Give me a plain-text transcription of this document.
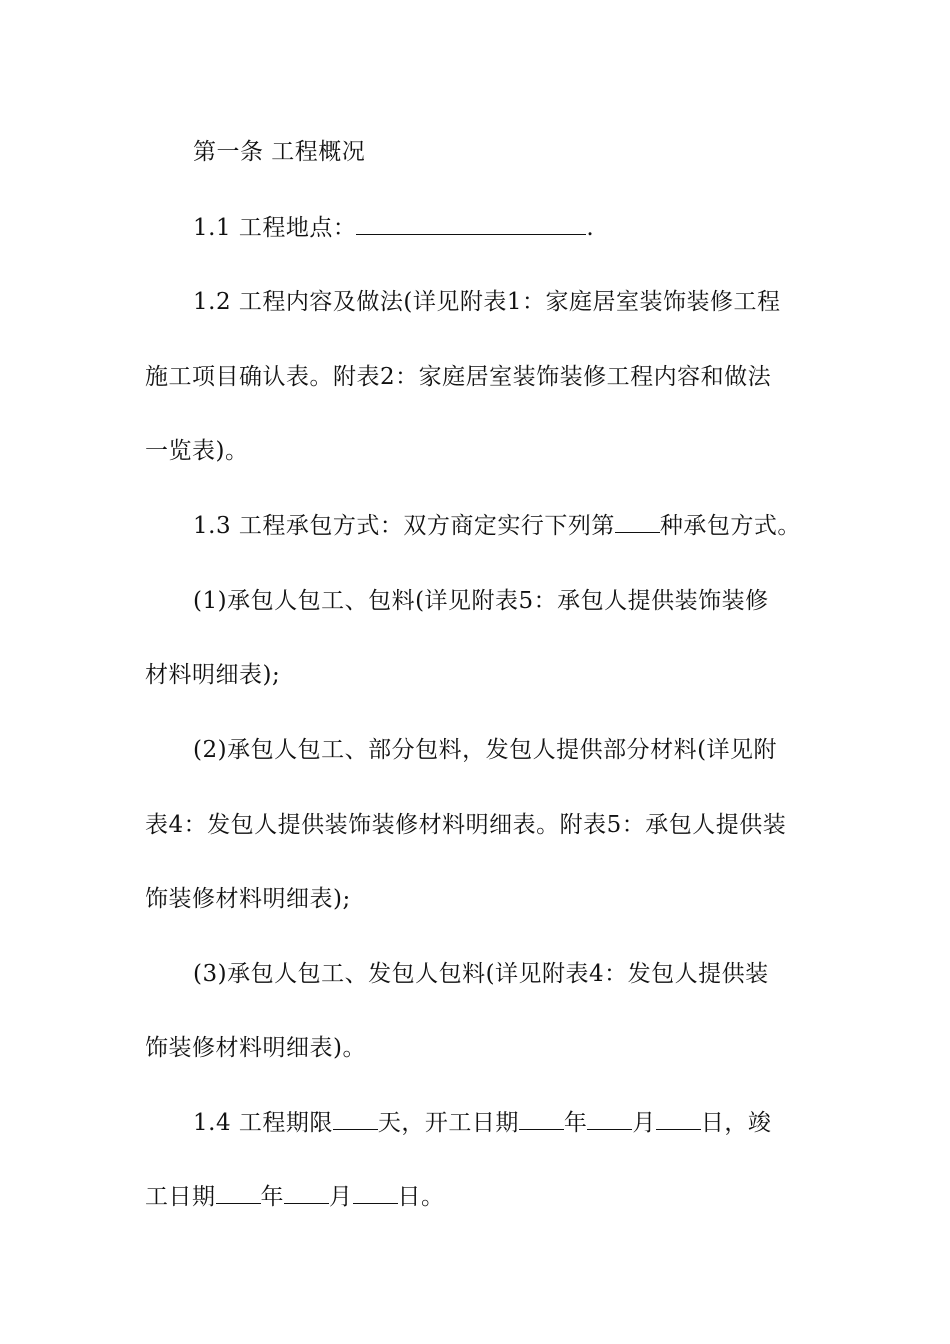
第一条 工程概况
1.1 工程地点：	.
1.2 工程内容及做法(详见附表1：家庭居室装饰装修工程
施工项目确认表。附表2：家庭居室装饰装修工程内容和做法
一览表)。
1.3 工程承包方式：双方商定实行下列第 种承包方式。
(1)承包人包工、包料(详见附表5：承包人提供装饰装修
材料明细表);
(2)承包人包工、部分包料，发包人提供部分材料(详见附
表4：发包人提供装饰装修材料明细表。附表5：承包人提供装
饰装修材料明细表);
(3)承包人包工、发包人包料(详见附表4：发包人提供装
饰装修材料明细表)。
1.4 工程期限 天，开工日期 年 月 日，竣
工日期 年 月 日。
